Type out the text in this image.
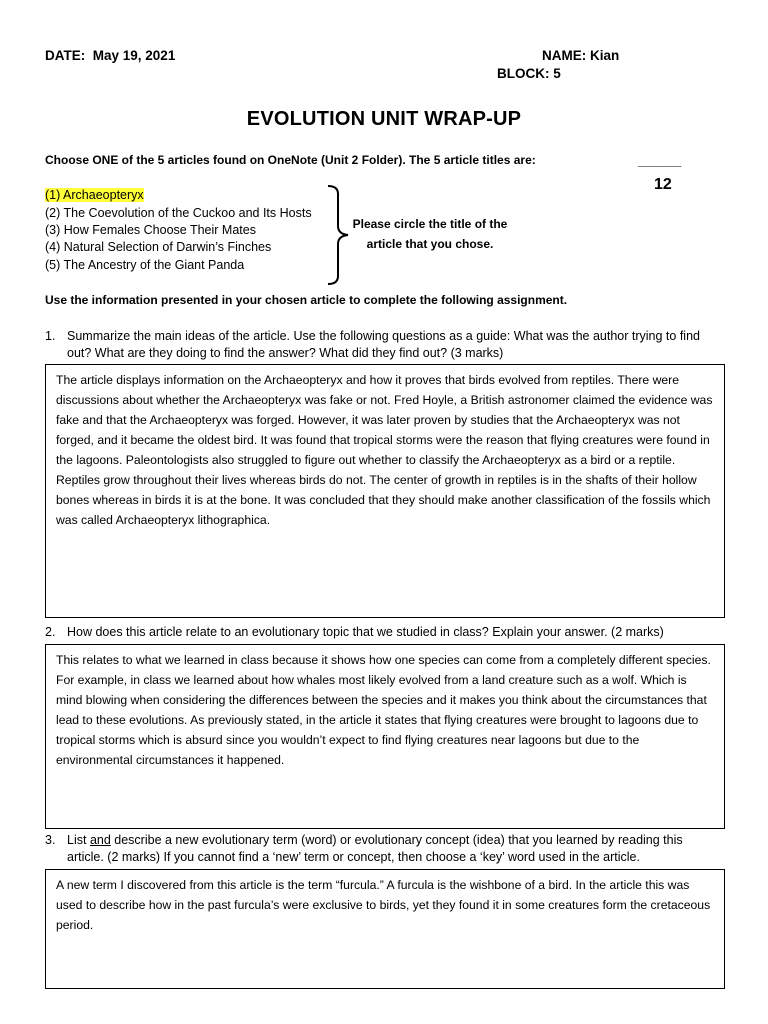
DATE: May 19, 2021	NAME: Kian
BLOCK: 5
EVOLUTION UNIT WRAP-UP
Choose ONE of the 5 articles found on OneNote (Unit 2 Folder). The 5 article titles are:	______
12
(1) Archaeopteryx
(2) The Coevolution of the Cuckoo and Its Hosts
(3) How Females Choose Their Mates
(4) Natural Selection of Darwin’s Finches
(5) The Ancestry of the Giant Panda
Please circle the title of the
article that you chose.
Use the information presented in your chosen article to complete the following assignment.
1. Summarize the main ideas of the article. Use the following questions as a guide: What was the author trying to find
out? What are they doing to find the answer? What did they find out? (3 marks)
The article displays information on the Archaeopteryx and how it proves that birds evolved from reptiles. There were discussions about whether the Archaeopteryx was fake or not. Fred Hoyle, a British astronomer claimed the evidence was fake and that the Archaeopteryx was forged. However, it was later proven by studies that the Archaeopteryx was not forged, and it became the oldest bird. It was found that tropical storms were the reason that flying creatures were found in the lagoons. Paleontologists also struggled to figure out whether to classify the Archaeopteryx as a bird or a reptile. Reptiles grow throughout their lives whereas birds do not. The center of growth in reptiles is in the shafts of their hollow bones whereas in birds it is at the bone. It was concluded that they should make another classification of the fossils which was called Archaeopteryx lithographica.
2. How does this article relate to an evolutionary topic that we studied in class? Explain your answer. (2 marks)
This relates to what we learned in class because it shows how one species can come from a completely different species. For example, in class we learned about how whales most likely evolved from a land creature such as a wolf. Which is mind blowing when considering the differences between the species and it makes you think about the circumstances that lead to these evolutions. As previously stated, in the article it states that flying creatures were brought to lagoons due to tropical storms which is absurd since you wouldn’t expect to find flying creatures near lagoons but due to the environmental circumstances it happened.
3. List and describe a new evolutionary term (word) or evolutionary concept (idea) that you learned by reading this
article. (2 marks) If you cannot find a ‘new’ term or concept, then choose a ‘key’ word used in the article.
A new term I discovered from this article is the term “furcula.” A furcula is the wishbone of a bird. In the article this was used to describe how in the past furcula’s were exclusive to birds, yet they found it in some creatures form the cretaceous period.
